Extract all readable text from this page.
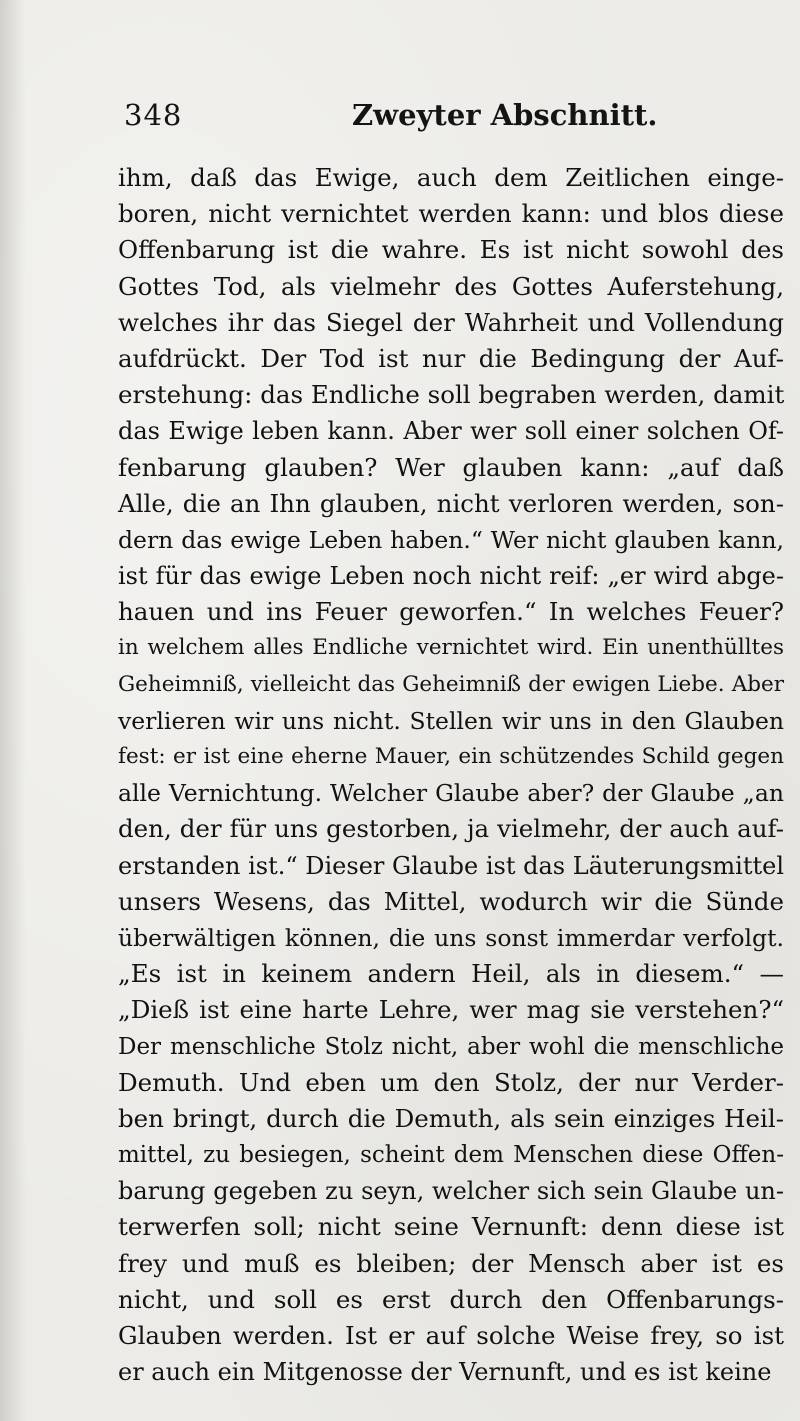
348	Zweyter Abschnitt.
ihm, daß das Ewige, auch dem Zeitlichen einge-
boren, nicht vernichtet werden kann: und blos diese
Offenbarung ist die wahre. Es ist nicht sowohl des
Gottes Tod, als vielmehr des Gottes Auferstehung,
welches ihr das Siegel der Wahrheit und Vollendung
aufdrückt. Der Tod ist nur die Bedingung der Auf-
erstehung: das Endliche soll begraben werden, damit
das Ewige leben kann. Aber wer soll einer solchen Of-
fenbarung glauben? Wer glauben kann: „auf daß
Alle, die an Ihn glauben, nicht verloren werden, son-
dern das ewige Leben haben.“ Wer nicht glauben kann,
ist für das ewige Leben noch nicht reif: „er wird abge-
hauen und ins Feuer geworfen.“ In welches Feuer?
in welchem alles Endliche vernichtet wird. Ein unenthülltes
Geheimniß, vielleicht das Geheimniß der ewigen Liebe. Aber
verlieren wir uns nicht. Stellen wir uns in den Glauben
fest: er ist eine eherne Mauer, ein schützendes Schild gegen
alle Vernichtung. Welcher Glaube aber? der Glaube „an
den, der für uns gestorben, ja vielmehr, der auch auf-
erstanden ist.“ Dieser Glaube ist das Läuterungsmittel
unsers Wesens, das Mittel, wodurch wir die Sünde
überwältigen können, die uns sonst immerdar verfolgt.
„Es ist in keinem andern Heil, als in diesem.“ —
„Dieß ist eine harte Lehre, wer mag sie verstehen?“
Der menschliche Stolz nicht, aber wohl die menschliche
Demuth. Und eben um den Stolz, der nur Verder-
ben bringt, durch die Demuth, als sein einziges Heil-
mittel, zu besiegen, scheint dem Menschen diese Offen-
barung gegeben zu seyn, welcher sich sein Glaube un-
terwerfen soll; nicht seine Vernunft: denn diese ist
frey und muß es bleiben; der Mensch aber ist es
nicht, und soll es erst durch den Offenbarungs-
Glauben werden. Ist er auf solche Weise frey, so ist
er auch ein Mitgenosse der Vernunft, und es ist keine
